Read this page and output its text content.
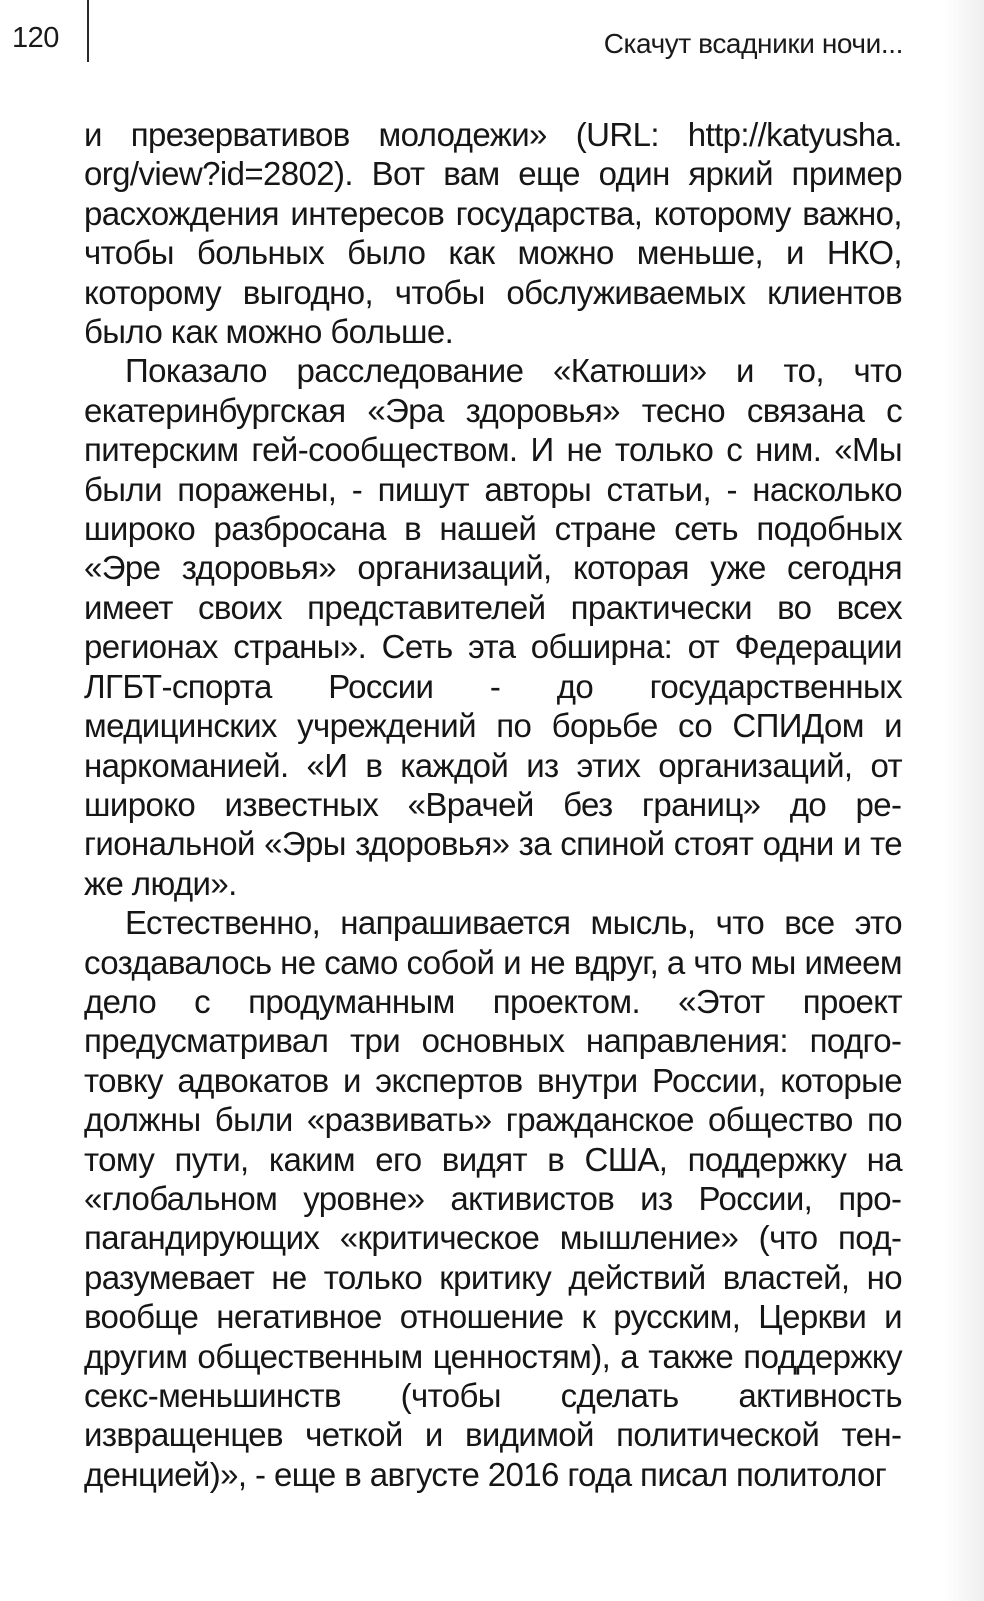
120	Скачут всадники ночи...

и презервативов молодежи» (URL: http://katyusha. org/view?id=2802). Вот вам еще один яркий пример расхождения интересов государства, которому важно, чтобы больных было как можно меньше, и НКО, которому выгодно, чтобы обслуживаемых клиентов было как можно больше.

Показало расследование «Катюши» и то, что екатеринбургская «Эра здоровья» тесно связана с питерским гей-сообществом. И не только с ним. «Мы были поражены, - пишут авторы статьи, - насколько широко разбросана в нашей стране сеть подобных «Эре здоровья» организаций, которая уже сегодня имеет своих представителей практически во всех регионах страны». Сеть эта обширна: от Федерации ЛГБТ-спорта России - до государственных медицинских учреждений по борьбе со СПИДом и наркоманией. «И в каждой из этих организаций, от широко известных «Врачей без границ» до региональной «Эры здоровья» за спиной стоят одни и те же люди».

Естественно, напрашивается мысль, что все это создавалось не само собой и не вдруг, а что мы имеем дело с продуманным проектом. «Этот проект предусматривал три основных направления: подготовку адвокатов и экспертов внутри России, которые должны были «развивать» гражданское общество по тому пути, каким его видят в США, поддержку на «глобальном уровне» активистов из России, пропагандирующих «критическое мышление» (что подразумевает не только критику действий властей, но вообще негативное отношение к русским, Церкви и другим общественным ценностям), а также поддержку секс-меньшинств (чтобы сделать активность извращенцев четкой и видимой политической тенденцией)», - еще в августе 2016 года писал политолог
